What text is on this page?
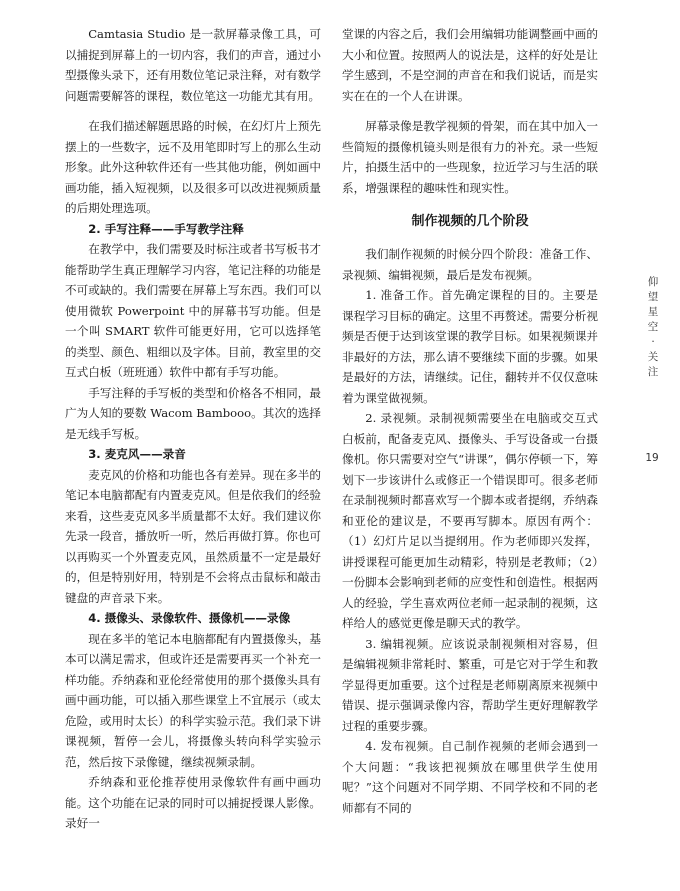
Camtasia Studio 是一款屏幕录像工具，可以捕捉到屏幕上的一切内容，我们的声音，通过小型摄像头录下，还有用数位笔记录注释，对有数学问题需要解答的课程，数位笔这一功能尤其有用。

在我们描述解题思路的时候，在幻灯片上预先摆上的一些数字，远不及用笔即时写上的那么生动形象。此外这种软件还有一些其他功能，例如画中画功能，插入短视频，以及很多可以改进视频质量的后期处理选项。

2. 手写注释——手写教学注释

在教学中，我们需要及时标注或者书写板书才能帮助学生真正理解学习内容，笔记注释的功能是不可或缺的。我们需要在屏幕上写东西。我们可以使用微软 Powerpoint 中的屏幕书写功能。但是一个叫 SMART 软件可能更好用，它可以选择笔的类型、颜色、粗细以及字体。目前，教室里的交互式白板（班班通）软件中都有手写功能。

手写注释的手写板的类型和价格各不相同，最广为人知的要数 Wacom Bambooo。其次的选择是无线手写板。

3. 麦克风——录音

麦克风的价格和功能也各有差异。现在多半的笔记本电脑都配有内置麦克风。但是依我们的经验来看，这些麦克风多半质量都不太好。我们建议你先录一段音，播放听一听，然后再做打算。你也可以再购买一个外置麦克风，虽然质量不一定是最好的，但是特别好用，特别是不会将点击鼠标和敲击键盘的声音录下来。

4. 摄像头、录像软件、摄像机——录像

现在多半的笔记本电脑都配有内置摄像头，基本可以满足需求，但或许还是需要再买一个补充一样功能。乔纳森和亚伦经常使用的那个摄像头具有画中画功能，可以插入那些课堂上不宜展示（或太危险，或用时太长）的科学实验示范。我们录下讲课视频，暂停一会儿，将摄像头转向科学实验示范，然后按下录像键，继续视频录制。

乔纳森和亚伦推荐使用录像软件有画中画功能。这个功能在记录的同时可以捕捉授课人影像。录好一

堂课的内容之后，我们会用编辑功能调整画中画的大小和位置。按照两人的说法是，这样的好处是让学生感到，不是空洞的声音在和我们说话，而是实实在在的一个人在讲课。

屏幕录像是教学视频的骨架，而在其中加入一些简短的摄像机镜头则是很有力的补充。录一些短片，拍摄生活中的一些现象，拉近学习与生活的联系，增强课程的趣味性和现实性。

制作视频的几个阶段

我们制作视频的时候分四个阶段：准备工作、录视频、编辑视频，最后是发布视频。

1. 准备工作。首先确定课程的目的。主要是课程学习目标的确定。这里不再赘述。需要分析视频是否便于达到该堂课的教学目标。如果视频课并非最好的方法，那么请不要继续下面的步骤。如果是最好的方法，请继续。记住，翻转并不仅仅意味着为课堂做视频。

2. 录视频。录制视频需要坐在电脑或交互式白板前，配备麦克风、摄像头、手写设备或一台摄像机。你只需要对空气“讲课”，偶尔停顿一下，筹划下一步该讲什么或修正一个错误即可。很多老师在录制视频时都喜欢写一个脚本或者提纲，乔纳森和亚伦的建议是，不要再写脚本。原因有两个：（1）幻灯片足以当提纲用。作为老师即兴发挥，讲授课程可能更加生动精彩，特别是老教师；（2）一份脚本会影响到老师的应变性和创造性。根据两人的经验，学生喜欢两位老师一起录制的视频，这样给人的感觉更像是聊天式的教学。

3. 编辑视频。应该说录制视频相对容易，但是编辑视频非常耗时、繁重，可是它对于学生和教学显得更加重要。这个过程是老师剔离原来视频中错误、提示强调录像内容，帮助学生更好理解教学过程的重要步骤。

4. 发布视频。自己制作视频的老师会遇到一个大问题：“我该把视频放在哪里供学生使用呢？”这个问题对不同学期、不同学校和不同的老师都有不同的

仰
望
星
空
·
关
注
19
